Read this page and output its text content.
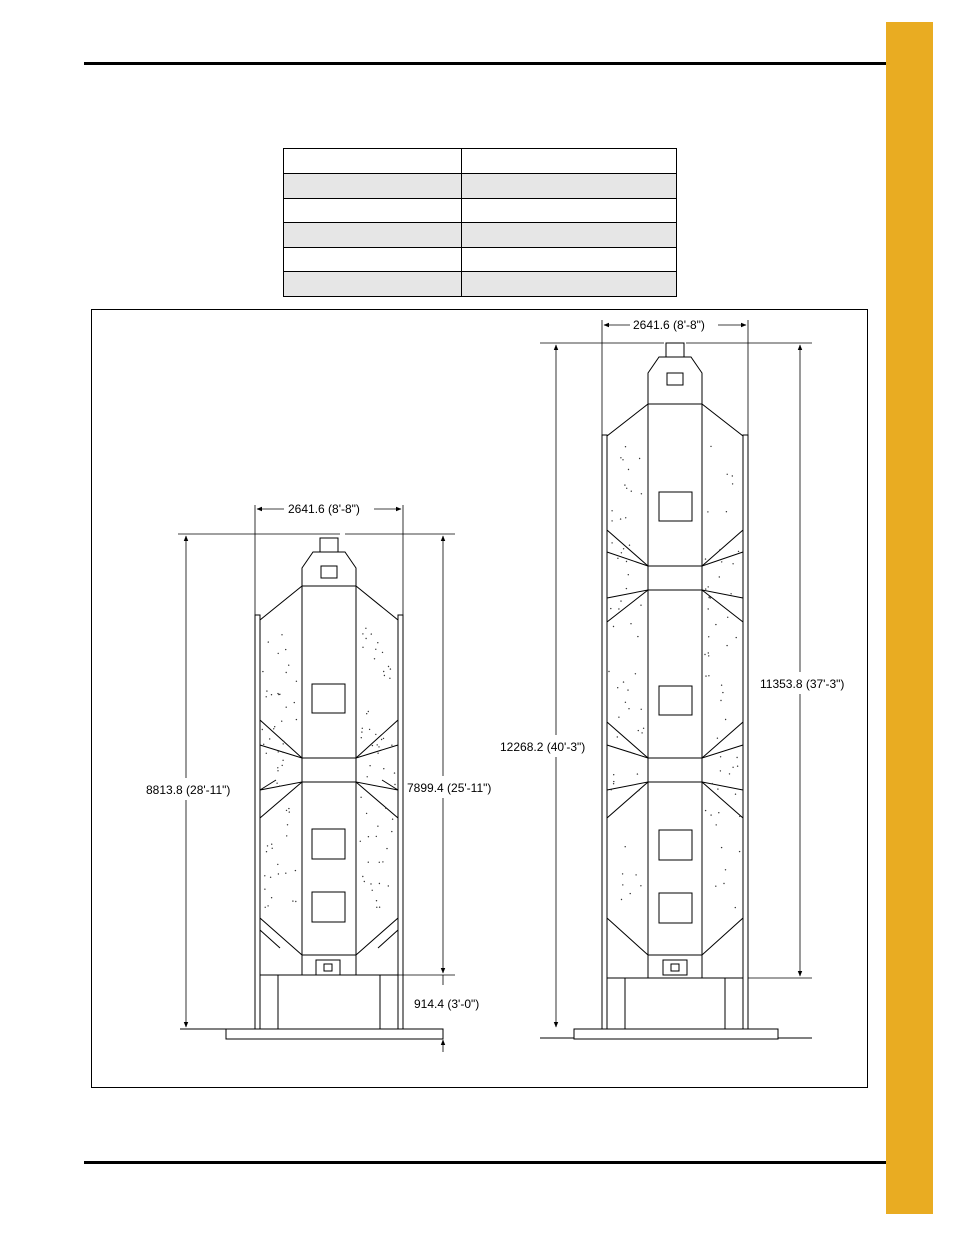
2641.6 (8'-8")
8813.8 (28'-11")	7899.4 (25'-11")
914.4 (3'-0")
2641.6 (8'-8")
12268.2 (40'-3")
11353.8 (37'-3")
